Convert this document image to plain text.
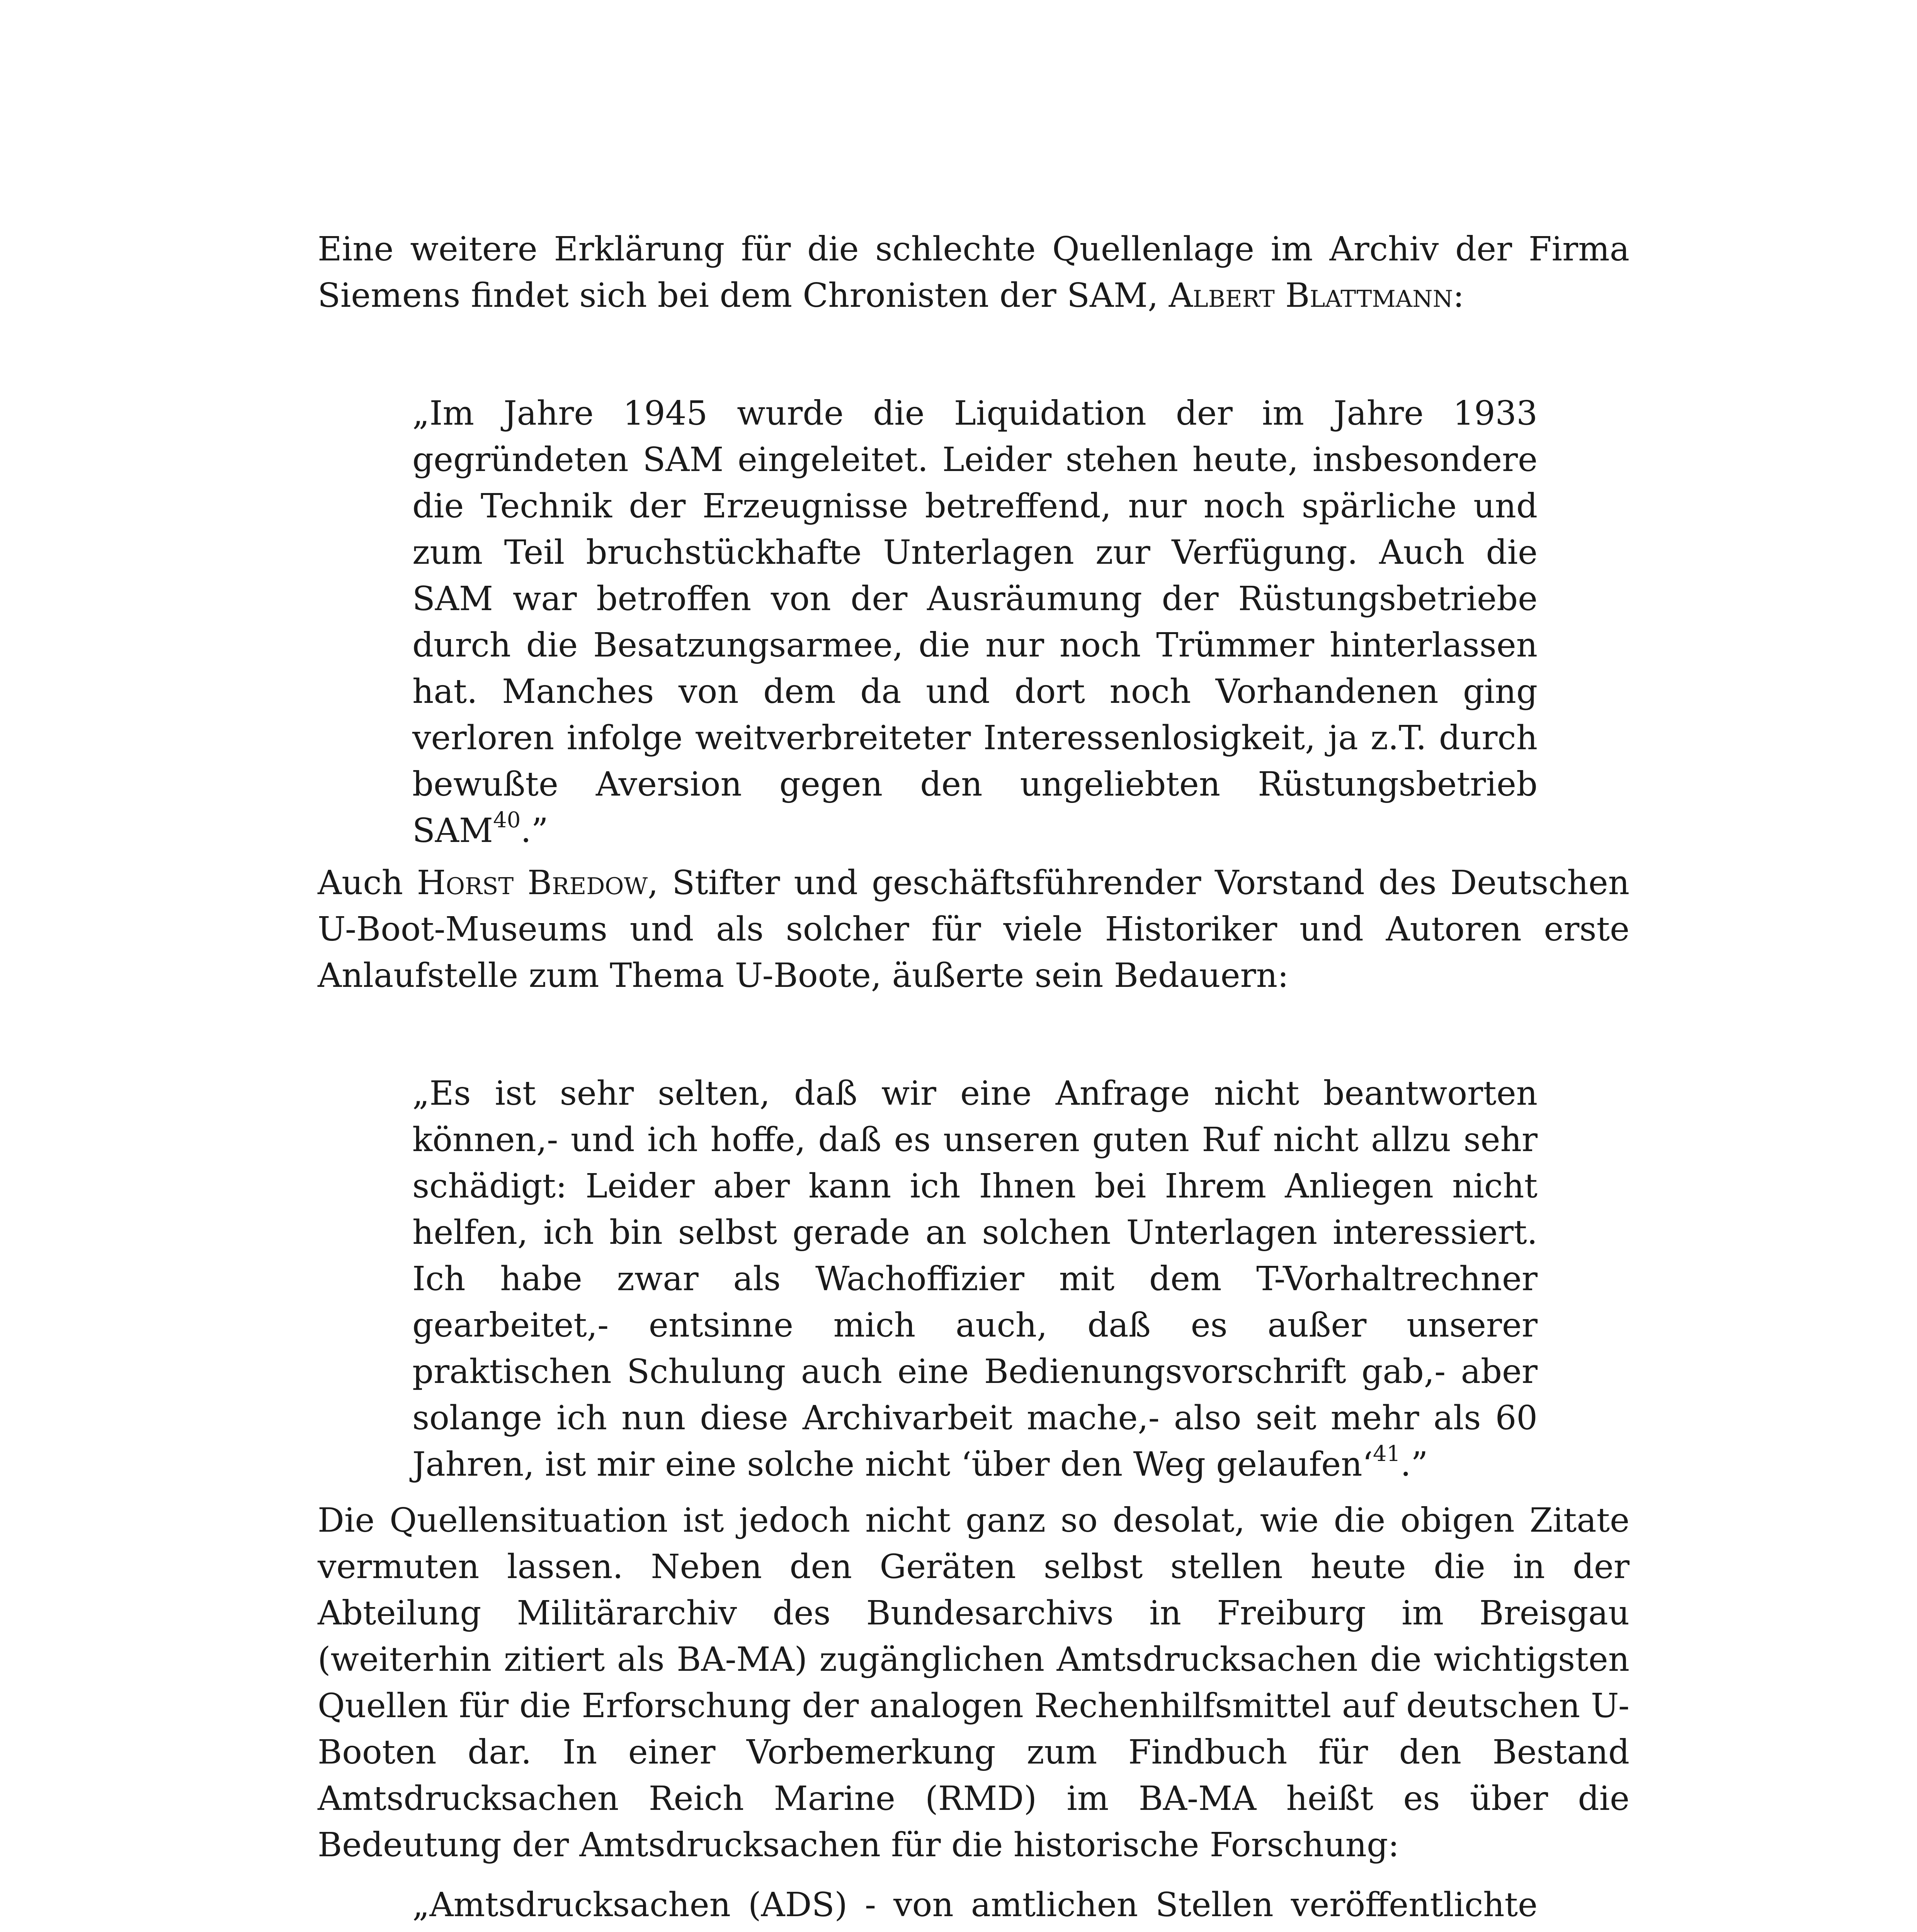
Eine weitere Erklärung für die schlechte Quellenlage im Archiv der Firma Siemens findet sich bei dem Chronisten der SAM, Albert Blattmann:

„Im Jahre 1945 wurde die Liquidation der im Jahre 1933 gegründeten SAM eingeleitet. Leider stehen heute, insbesondere die Technik der Erzeugnisse betreffend, nur noch spärliche und zum Teil bruchstückhafte Unterlagen zur Verfügung. Auch die SAM war betroffen von der Ausräumung der Rüstungsbetriebe durch die Besatzungsarmee, die nur noch Trümmer hinterlassen hat. Manches von dem da und dort noch Vorhandenen ging verloren infolge weitverbreiteter Interessenlosigkeit, ja z.T. durch bewußte Aversion gegen den ungeliebten Rüstungsbetrieb SAM$^{40}$.”

Auch Horst Bredow, Stifter und geschäftsführender Vorstand des Deutschen U-Boot-Museums und als solcher für viele Historiker und Autoren erste Anlaufstelle zum Thema U-Boote, äußerte sein Bedauern:

„Es ist sehr selten, daß wir eine Anfrage nicht beantworten können,- und ich hoffe, daß es unseren guten Ruf nicht allzu sehr schädigt: Leider aber kann ich Ihnen bei Ihrem Anliegen nicht helfen, ich bin selbst gerade an solchen Unterlagen interessiert. Ich habe zwar als Wachoffizier mit dem T-Vorhaltrechner gearbeitet,- entsinne mich auch, daß es außer unserer praktischen Schulung auch eine Bedienungsvorschrift gab,- aber solange ich nun diese Archivarbeit mache,- also seit mehr als 60 Jahren, ist mir eine solche nicht ‘über den Weg gelaufen‘$^{41}$.”

Die Quellensituation ist jedoch nicht ganz so desolat, wie die obigen Zitate vermuten lassen. Neben den Geräten selbst stellen heute die in der Abteilung Militärarchiv des Bundesarchivs in Freiburg im Breisgau (weiterhin zitiert als BA-MA) zugänglichen Amtsdrucksachen die wichtigsten Quellen für die Erforschung der analogen Rechenhilfsmittel auf deutschen U-Booten dar. In einer Vorbemerkung zum Findbuch für den Bestand Amtsdrucksachen Reich Marine (RMD) im BA-MA heißt es über die Bedeutung der Amtsdrucksachen für die historische Forschung:

„Amtsdrucksachen (ADS) - von amtlichen Stellen veröffentlichte
